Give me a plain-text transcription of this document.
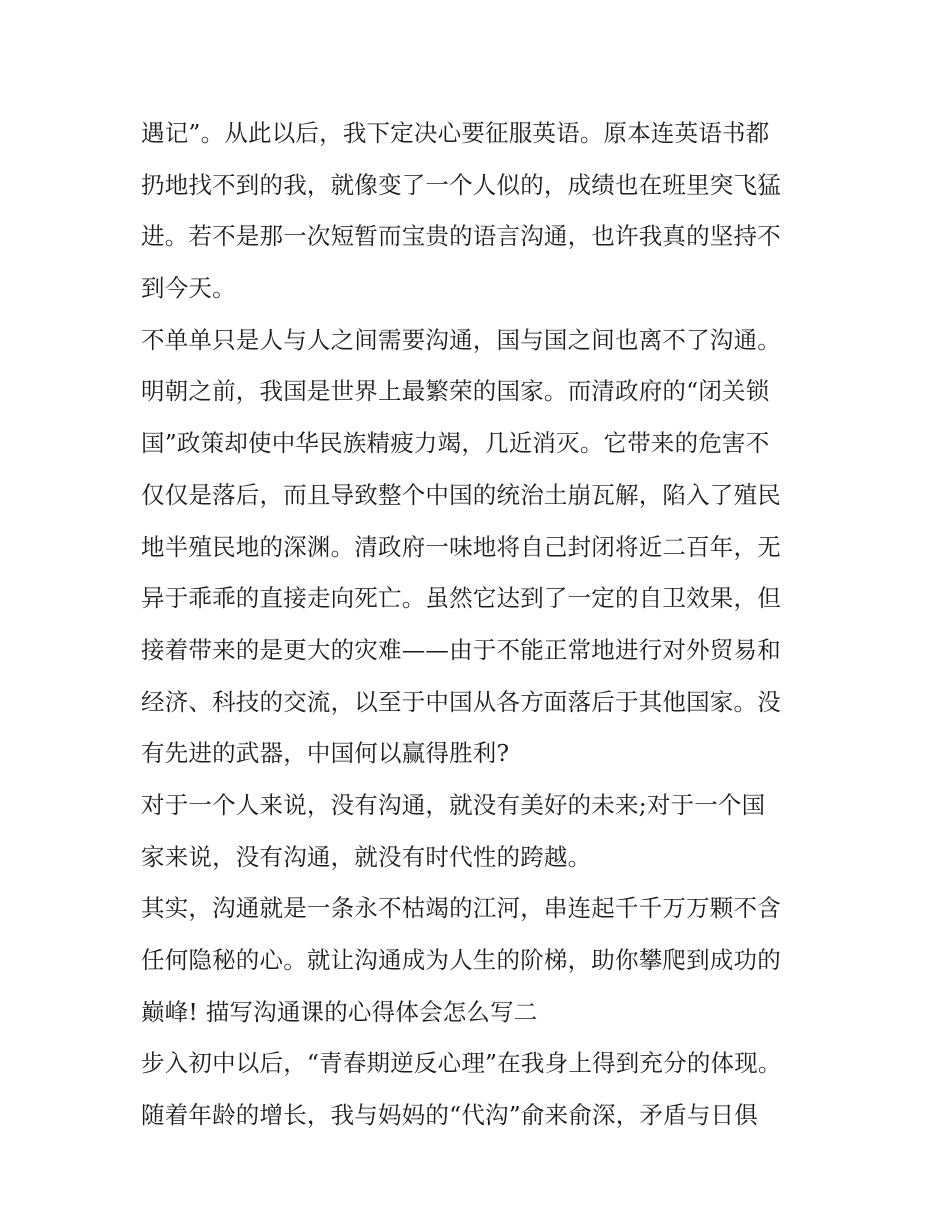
遇记”。从此以后，我下定决心要征服英语。原本连英语书都
扔地找不到的我，就像变了一个人似的，成绩也在班里突飞猛
进。若不是那一次短暂而宝贵的语言沟通，也许我真的坚持不
到今天。
不单单只是人与人之间需要沟通，国与国之间也离不了沟通。
明朝之前，我国是世界上最繁荣的国家。而清政府的“闭关锁
国”政策却使中华民族精疲力竭，几近消灭。它带来的危害不
仅仅是落后，而且导致整个中国的统治土崩瓦解，陷入了殖民
地半殖民地的深渊。清政府一味地将自己封闭将近二百年，无
异于乖乖的直接走向死亡。虽然它达到了一定的自卫效果，但
接着带来的是更大的灾难——由于不能正常地进行对外贸易和
经济、科技的交流，以至于中国从各方面落后于其他国家。没
有先进的武器，中国何以赢得胜利?
对于一个人来说，没有沟通，就没有美好的未来;对于一个国
家来说，没有沟通，就没有时代性的跨越。
其实，沟通就是一条永不枯竭的江河，串连起千千万万颗不含
任何隐秘的心。就让沟通成为人生的阶梯，助你攀爬到成功的
巅峰! 描写沟通课的心得体会怎么写二
步入初中以后，“青春期逆反心理”在我身上得到充分的体现。
随着年龄的增长，我与妈妈的“代沟”俞来俞深，矛盾与日俱
